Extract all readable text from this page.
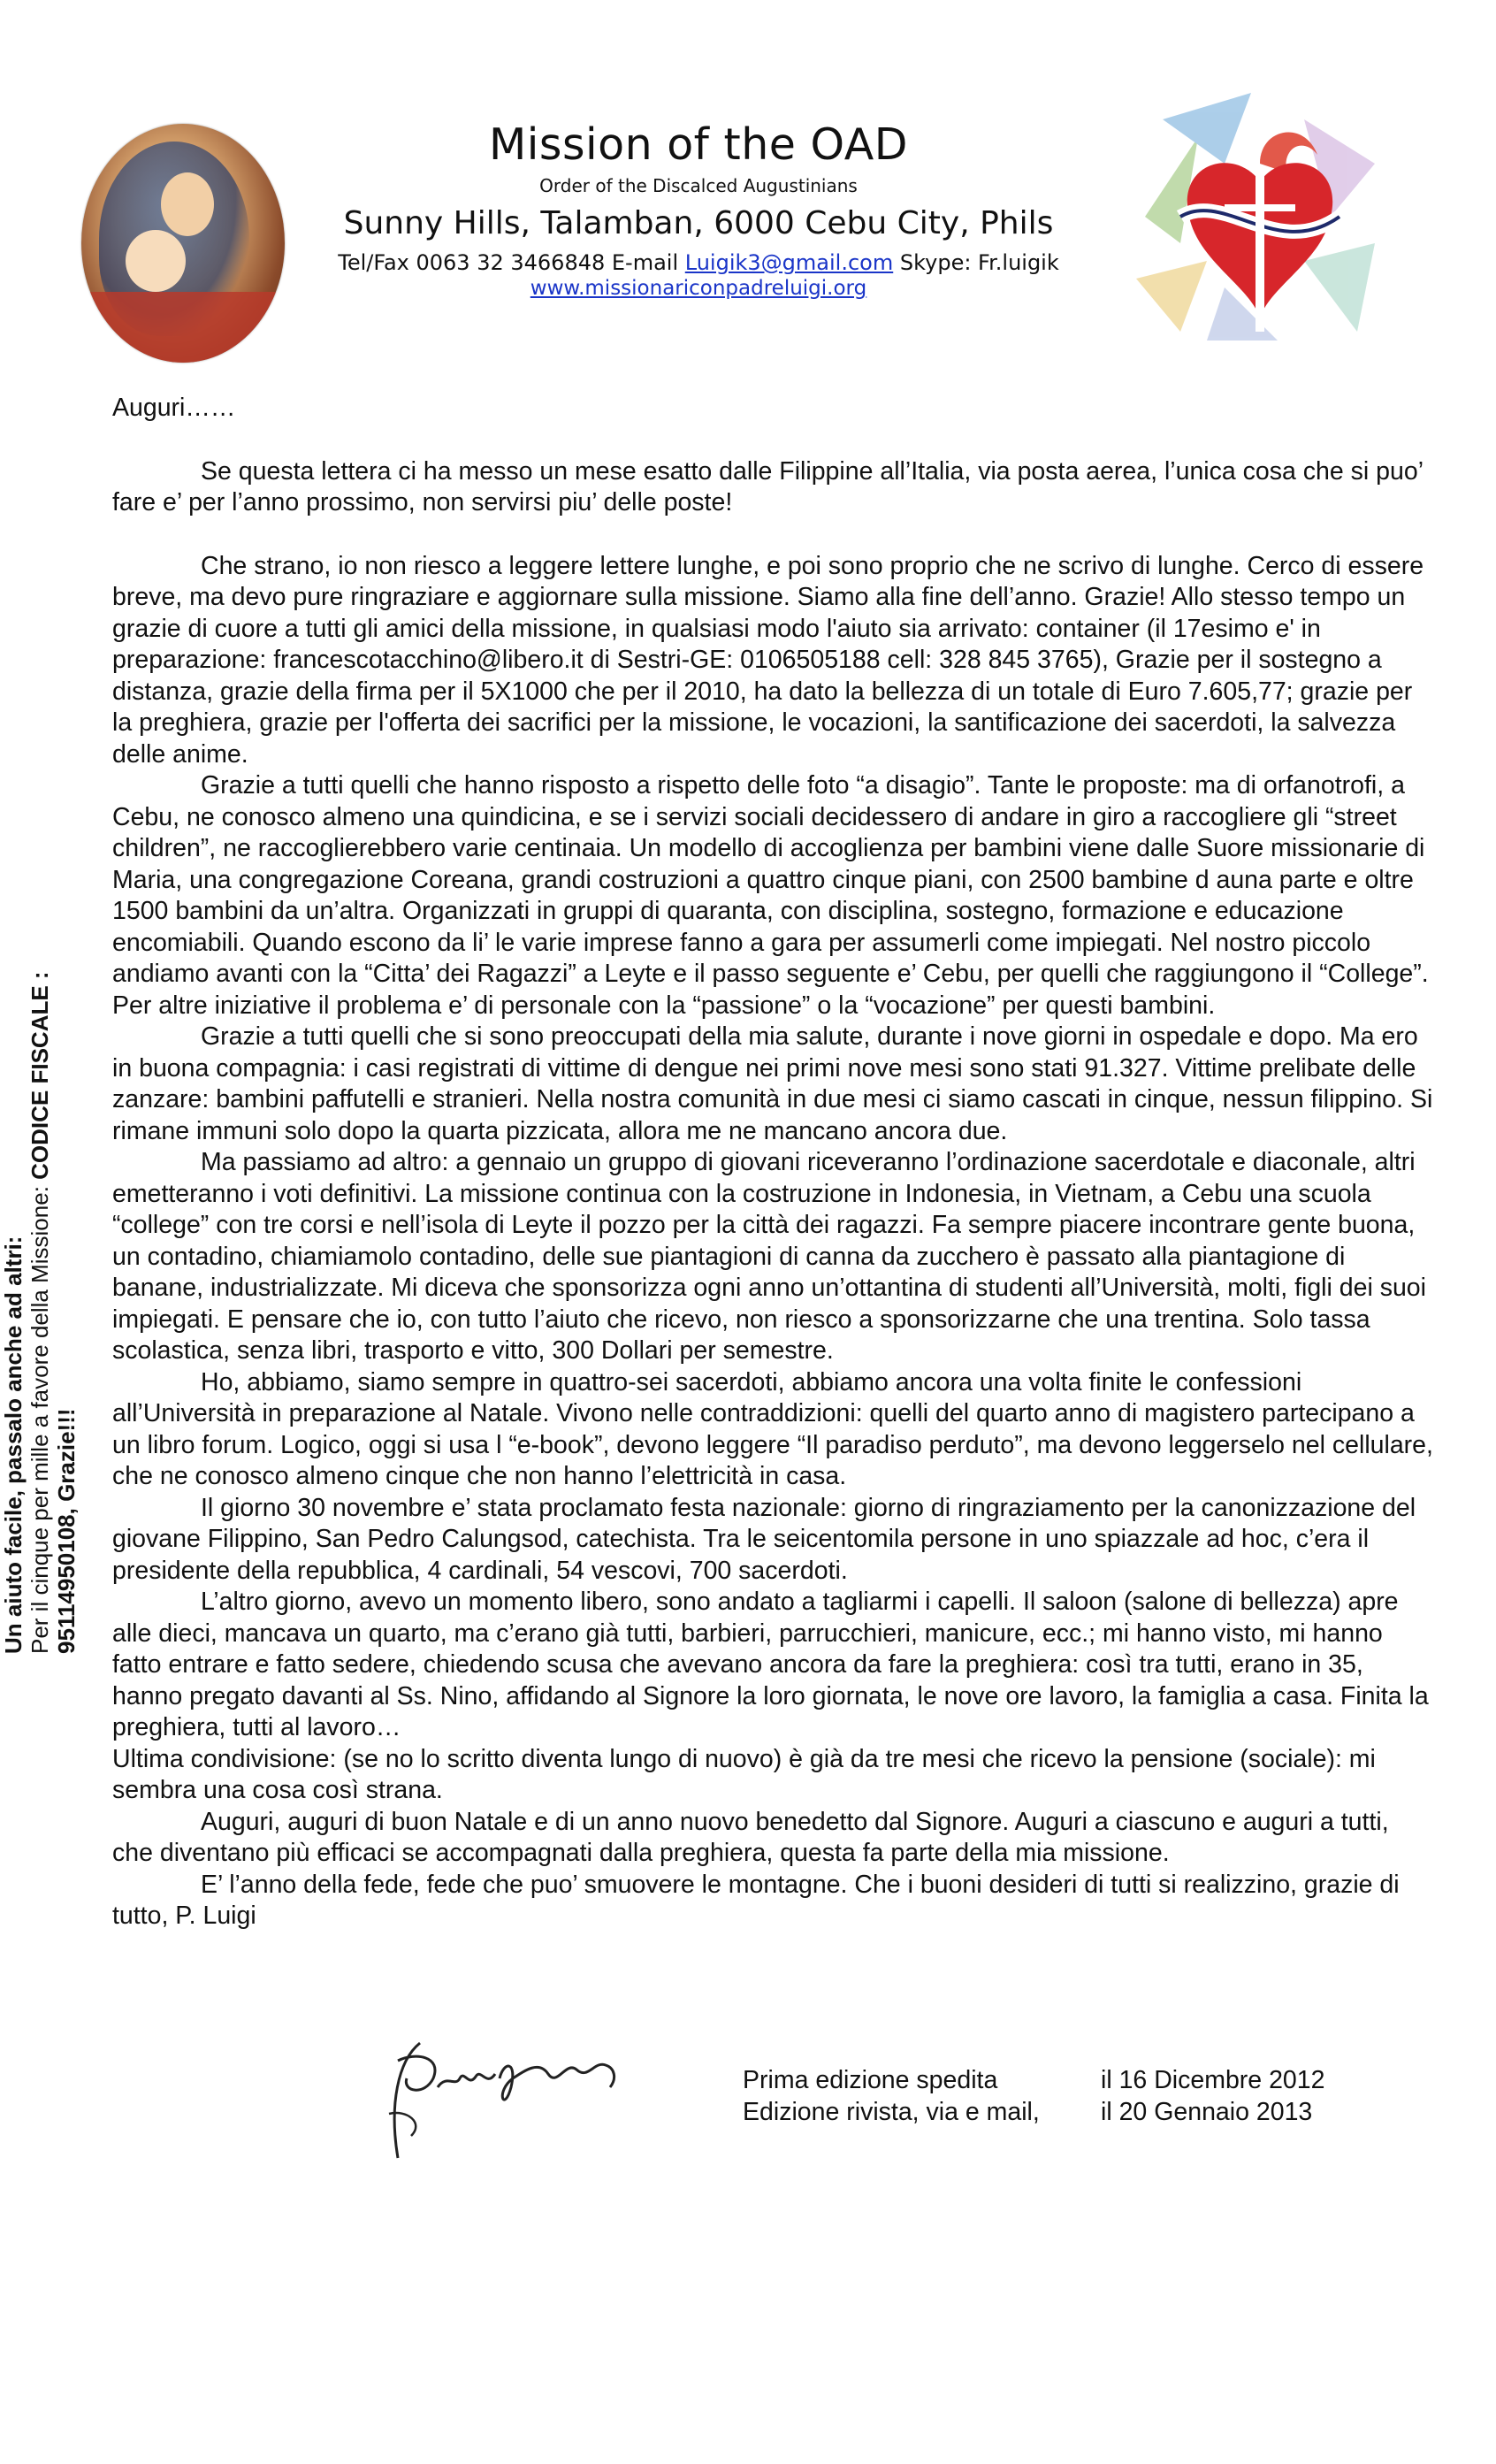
Mission of the OAD
Order of the Discalced Augustinians
Sunny Hills, Talamban, 6000 Cebu City, Phils
Tel/Fax 0063 32 3466848 E-mail Luigik3@gmail.com Skype: Fr.luigik
www.missionariconpadreluigi.org
Un aiuto facile, passalo anche ad altri: Per il cinque per mille a favore della Missione: CODICE FISCALE : 95114950108, Grazie!!!

Auguri……

Se questa lettera ci ha messo un mese esatto dalle Filippine all’Italia, via posta aerea, l’unica cosa che si puo’ fare e’ per l’anno prossimo, non servirsi piu’ delle poste!

Che strano, io non riesco a leggere lettere lunghe, e poi sono proprio che ne scrivo di lunghe. Cerco di essere breve, ma devo pure ringraziare e aggiornare sulla missione. Siamo alla fine dell’anno. Grazie! Allo stesso tempo un grazie di cuore a tutti gli amici della missione, in qualsiasi modo l'aiuto sia arrivato: container (il 17esimo e' in preparazione: francescotacchino@libero.it di Sestri-GE: 0106505188 cell: 328 845 3765), Grazie per il sostegno a distanza, grazie della firma per il 5X1000 che per il 2010, ha dato la bellezza di un totale di Euro 7.605,77; grazie per la preghiera, grazie per l'offerta dei sacrifici per la missione, le vocazioni, la santificazione dei sacerdoti, la salvezza delle anime.

Grazie a tutti quelli che hanno risposto a rispetto delle foto “a disagio”. Tante le proposte: ma di orfanotrofi, a Cebu, ne conosco almeno una quindicina, e se i servizi sociali decidessero di andare in giro a raccogliere gli “street children”, ne raccoglierebbero varie centinaia. Un modello di accoglienza per bambini viene dalle Suore missionarie di Maria, una congregazione Coreana, grandi costruzioni a quattro cinque piani, con 2500 bambine d auna parte e oltre 1500 bambini da un’altra. Organizzati in gruppi di quaranta, con disciplina, sostegno, formazione e educazione encomiabili. Quando escono da li’ le varie imprese fanno a gara per assumerli come impiegati. Nel nostro piccolo andiamo avanti con la “Citta’ dei Ragazzi” a Leyte e il passo seguente e’ Cebu, per quelli che raggiungono il “College”. Per altre iniziative il problema e’ di personale con la “passione” o la “vocazione” per questi bambini.

Grazie a tutti quelli che si sono preoccupati della mia salute, durante i nove giorni in ospedale e dopo. Ma ero in buona compagnia: i casi registrati di vittime di dengue nei primi nove mesi sono stati 91.327. Vittime prelibate delle zanzare: bambini paffutelli e stranieri. Nella nostra comunità in due mesi ci siamo cascati in cinque, nessun filippino. Si rimane immuni solo dopo la quarta pizzicata, allora me ne mancano ancora due.

Ma passiamo ad altro: a gennaio un gruppo di giovani riceveranno l’ordinazione sacerdotale e diaconale, altri emetteranno i voti definitivi. La missione continua con la costruzione in Indonesia, in Vietnam, a Cebu una scuola “college” con tre corsi e nell’isola di Leyte il pozzo per la città dei ragazzi. Fa sempre piacere incontrare gente buona, un contadino, chiamiamolo contadino, delle sue piantagioni di canna da zucchero è passato alla piantagione di banane, industrializzate. Mi diceva che sponsorizza ogni anno un’ottantina di studenti all’Università, molti, figli dei suoi impiegati. E pensare che io, con tutto l’aiuto che ricevo, non riesco a sponsorizzarne che una trentina. Solo tassa scolastica, senza libri, trasporto e vitto, 300 Dollari per semestre.

Ho, abbiamo, siamo sempre in quattro-sei sacerdoti, abbiamo ancora una volta finite le confessioni all’Università in preparazione al Natale. Vivono nelle contraddizioni: quelli del quarto anno di magistero partecipano a un libro forum. Logico, oggi si usa l “e-book”, devono leggere “Il paradiso perduto”, ma devono leggerselo nel cellulare, che ne conosco almeno cinque che non hanno l’elettricità in casa.

Il giorno 30 novembre e’ stata proclamato festa nazionale: giorno di ringraziamento per la canonizzazione del giovane Filippino, San Pedro Calungsod, catechista. Tra le seicentomila persone in uno spiazzale ad hoc, c’era il presidente della repubblica, 4 cardinali, 54 vescovi, 700 sacerdoti.

L’altro giorno, avevo un momento libero, sono andato a tagliarmi i capelli. Il saloon (salone di bellezza) apre alle dieci, mancava un quarto, ma c’erano già tutti, barbieri, parrucchieri, manicure, ecc.; mi hanno visto, mi hanno fatto entrare e fatto sedere, chiedendo scusa che avevano ancora da fare la preghiera: così tra tutti, erano in 35, hanno pregato davanti al Ss. Nino, affidando al Signore la loro giornata, le nove ore lavoro, la famiglia a casa. Finita la preghiera, tutti al lavoro…

Ultima condivisione: (se no lo scritto diventa lungo di nuovo) è già da tre mesi che ricevo la pensione (sociale): mi sembra una cosa così strana.

Auguri, auguri di buon Natale e di un anno nuovo benedetto dal Signore. Auguri a ciascuno e auguri a tutti, che diventano più efficaci se accompagnati dalla preghiera, questa fa parte della mia missione.

E’ l’anno della fede, fede che puo’ smuovere le montagne. Che i buoni desideri di tutti si realizzino, grazie di tutto, P. Luigi

Prima edizione spedita	il 16 Dicembre 2012
Edizione rivista, via e mail,	il 20 Gennaio 2013
